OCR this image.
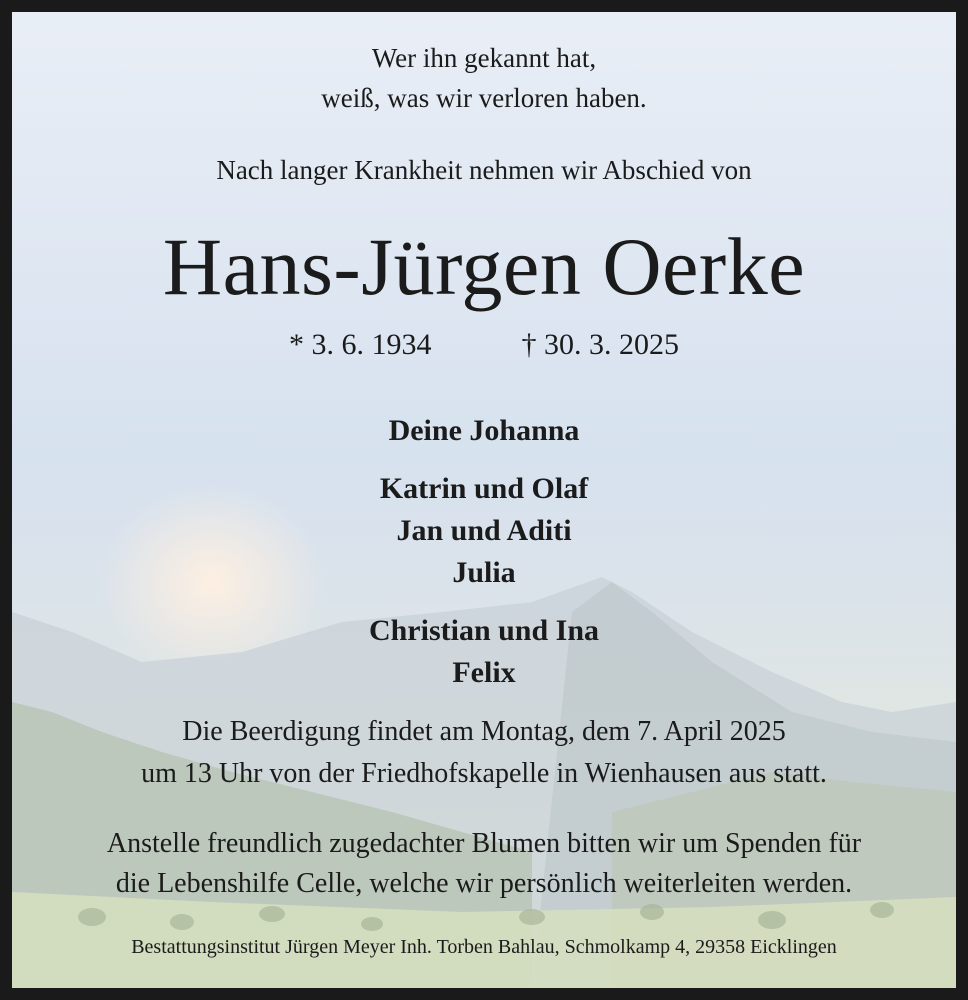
Wer ihn gekannt hat,

weiß, was wir verloren haben.

Nach langer Krankheit nehmen wir Abschied von

Hans-Jürgen Oerke

* 3. 6. 1934	† 30. 3. 2025

Deine Johanna

Katrin und Olaf

Jan und Aditi

Julia

Christian und Ina

Felix

Die Beerdigung findet am Montag, dem 7. April 2025

um 13 Uhr von der Friedhofskapelle in Wienhausen aus statt.

Anstelle freundlich zugedachter Blumen bitten wir um Spenden für

die Lebenshilfe Celle, welche wir persönlich weiterleiten werden.

Bestattungsinstitut Jürgen Meyer Inh. Torben Bahlau, Schmolkamp 4, 29358 Eicklingen
